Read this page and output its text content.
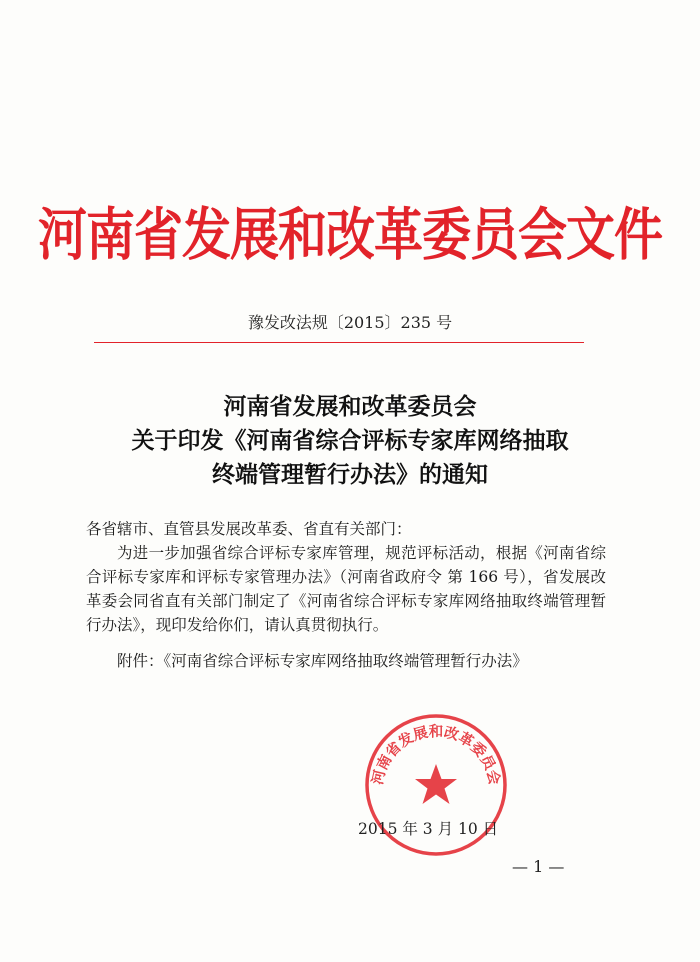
河南省发展和改革委员会文件
豫发改法规〔2015〕235 号
河南省发展和改革委员会
关于印发《河南省综合评标专家库网络抽取
终端管理暂行办法》的通知

各省辖市、直管县发展改革委、省直有关部门：

为进一步加强省综合评标专家库管理，规范评标活动，根据《河南省综合评标专家库和评标专家管理办法》（河南省政府令 第 166 号），省发展改革委会同省直有关部门制定了《河南省综合评标专家库网络抽取终端管理暂行办法》，现印发给你们，请认真贯彻执行。

附件：《河南省综合评标专家库网络抽取终端管理暂行办法》

河南省发展和改革委员会
2015 年 3 月 10 日
— 1 —
